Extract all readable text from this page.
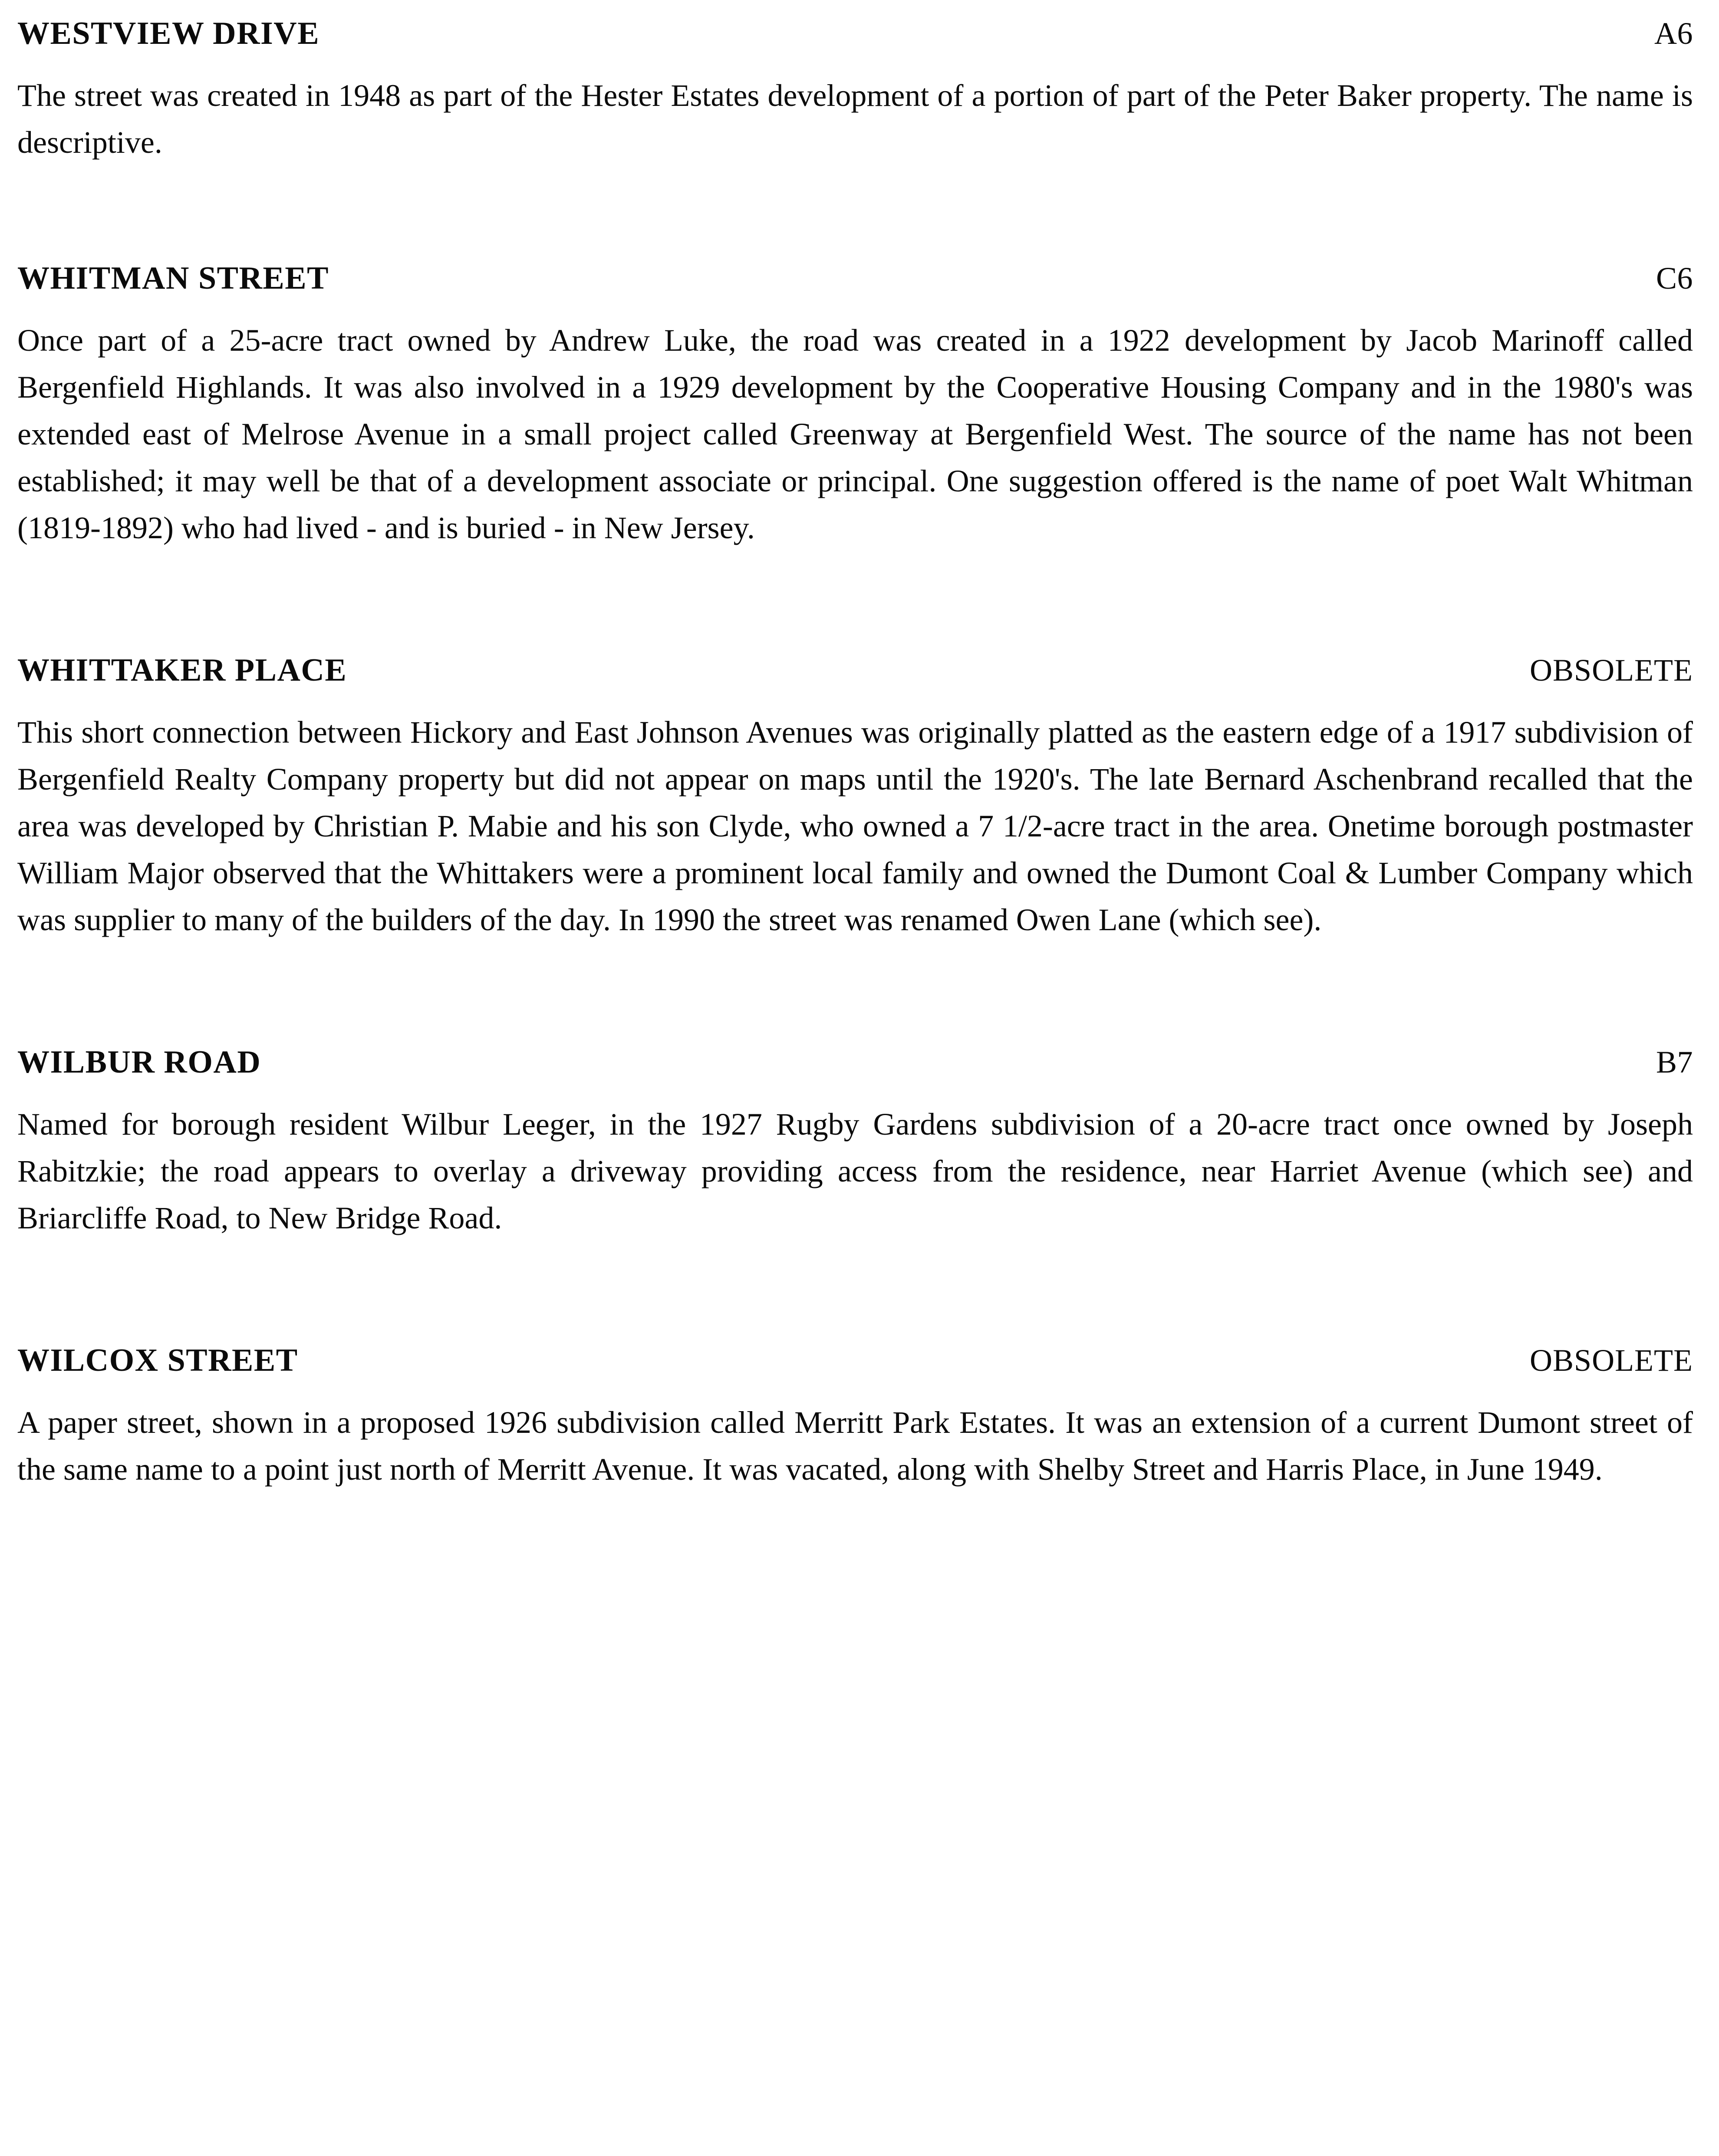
WESTVIEW DRIVE	A6

The street was created in 1948 as part of the Hester Estates development of a portion of part of the Peter Baker property. The name is descriptive.

WHITMAN STREET	C6

Once part of a 25-acre tract owned by Andrew Luke, the road was created in a 1922 development by Jacob Marinoff called Bergenfield Highlands. It was also involved in a 1929 development by the Cooperative Housing Company and in the 1980's was extended east of Melrose Avenue in a small project called Greenway at Bergenfield West. The source of the name has not been established; it may well be that of a development associate or principal. One suggestion offered is the name of poet Walt Whitman (1819-1892) who had lived - and is buried - in New Jersey.

WHITTAKER PLACE	OBSOLETE

This short connection between Hickory and East Johnson Avenues was originally platted as the eastern edge of a 1917 subdivision of Bergenfield Realty Company property but did not appear on maps until the 1920's. The late Bernard Aschenbrand recalled that the area was developed by Christian P. Mabie and his son Clyde, who owned a 7 1/2-acre tract in the area. Onetime borough postmaster William Major observed that the Whittakers were a prominent local family and owned the Dumont Coal & Lumber Company which was supplier to many of the builders of the day. In 1990 the street was renamed Owen Lane (which see).

WILBUR ROAD	B7

Named for borough resident Wilbur Leeger, in the 1927 Rugby Gardens subdivision of a 20-acre tract once owned by Joseph Rabitzkie; the road appears to overlay a driveway providing access from the residence, near Harriet Avenue (which see) and Briarcliffe Road, to New Bridge Road.

WILCOX STREET	OBSOLETE

A paper street, shown in a proposed 1926 subdivision called Merritt Park Estates. It was an extension of a current Dumont street of the same name to a point just north of Merritt Avenue. It was vacated, along with Shelby Street and Harris Place, in June 1949.
